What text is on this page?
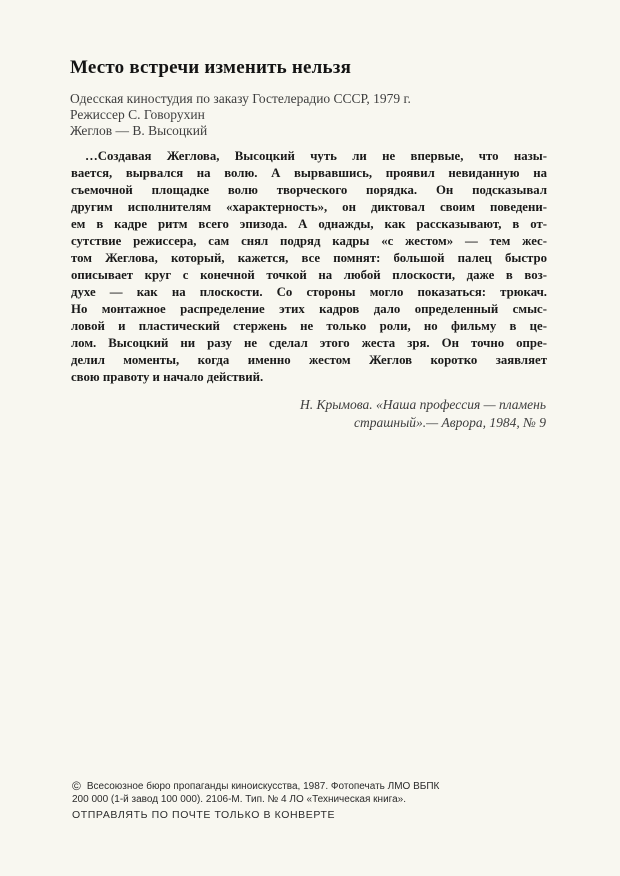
Место встречи изменить нельзя
Одесская киностудия по заказу Гостелерадио СССР, 1979 г.
Режиссер С. Говорухин
Жеглов — В. Высоцкий
…Создавая Жеглова, Высоцкий чуть ли не впервые, что назы-
вается, вырвался на волю. А вырвавшись, проявил невиданную на
съемочной площадке волю творческого порядка. Он подсказывал
другим исполнителям «характерность», он диктовал своим поведени-
ем в кадре ритм всего эпизода. А однажды, как рассказывают, в от-
сутствие режиссера, сам снял подряд кадры «с жестом» — тем жес-
том Жеглова, который, кажется, все помнят: большой палец быстро
описывает круг с конечной точкой на любой плоскости, даже в воз-
духе — как на плоскости. Со стороны могло показаться: трюкач.
Но монтажное распределение этих кадров дало определенный смыс-
ловой и пластический стержень не только роли, но фильму в це-
лом. Высоцкий ни разу не сделал этого жеста зря. Он точно опре-
делил моменты, когда именно жестом Жеглов коротко заявляет
свою правоту и начало действий.
Н. Крымова. «Наша профессия — пламень
страшный».— Аврора, 1984, № 9
© Всесоюзное бюро пропаганды киноискусства, 1987. Фотопечать ЛМО ВБПК
200 000 (1-й завод 100 000). 2106-М. Тип. № 4 ЛО «Техническая книга».
ОТПРАВЛЯТЬ ПО ПОЧТЕ ТОЛЬКО В КОНВЕРТЕ
